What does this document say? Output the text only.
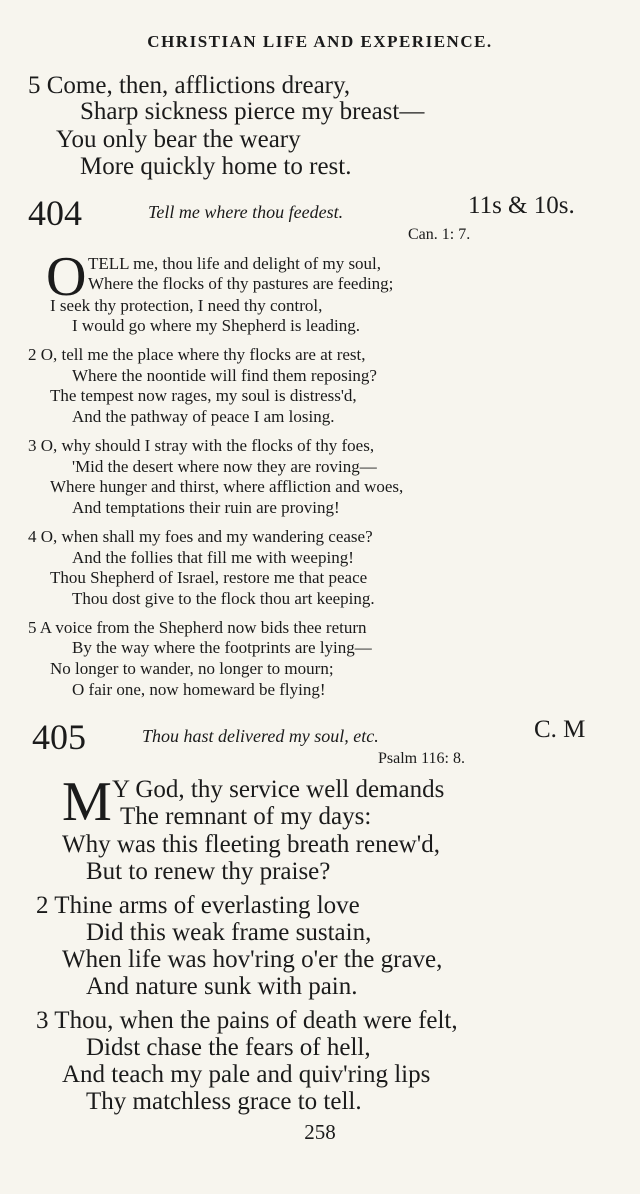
CHRISTIAN LIFE AND EXPERIENCE.
5 Come, then, afflictions dreary,
Sharp sickness pierce my breast—
You only bear the weary
More quickly home to rest.
404	Tell me where thou feedest.	11s & 10s.
Can. 1: 7.
O TELL me, thou life and delight of my soul,
Where the flocks of thy pastures are feeding;
I seek thy protection, I need thy control,
I would go where my Shepherd is leading.
2 O, tell me the place where thy flocks are at rest,
Where the noontide will find them reposing?
The tempest now rages, my soul is distress'd,
And the pathway of peace I am losing.
3 O, why should I stray with the flocks of thy foes,
'Mid the desert where now they are roving—
Where hunger and thirst, where affliction and woes,
And temptations their ruin are proving!
4 O, when shall my foes and my wandering cease?
And the follies that fill me with weeping!
Thou Shepherd of Israel, restore me that peace
Thou dost give to the flock thou art keeping.
5 A voice from the Shepherd now bids thee return
By the way where the footprints are lying—
No longer to wander, no longer to mourn;
O fair one, now homeward be flying!
405	Thou hast delivered my soul, etc.	C. M
Psalm 116: 8.
M Y God, thy service well demands
The remnant of my days:
Why was this fleeting breath renew'd,
But to renew thy praise?
2 Thine arms of everlasting love
Did this weak frame sustain,
When life was hov'ring o'er the grave,
And nature sunk with pain.
3 Thou, when the pains of death were felt,
Didst chase the fears of hell,
And teach my pale and quiv'ring lips
Thy matchless grace to tell.
258
